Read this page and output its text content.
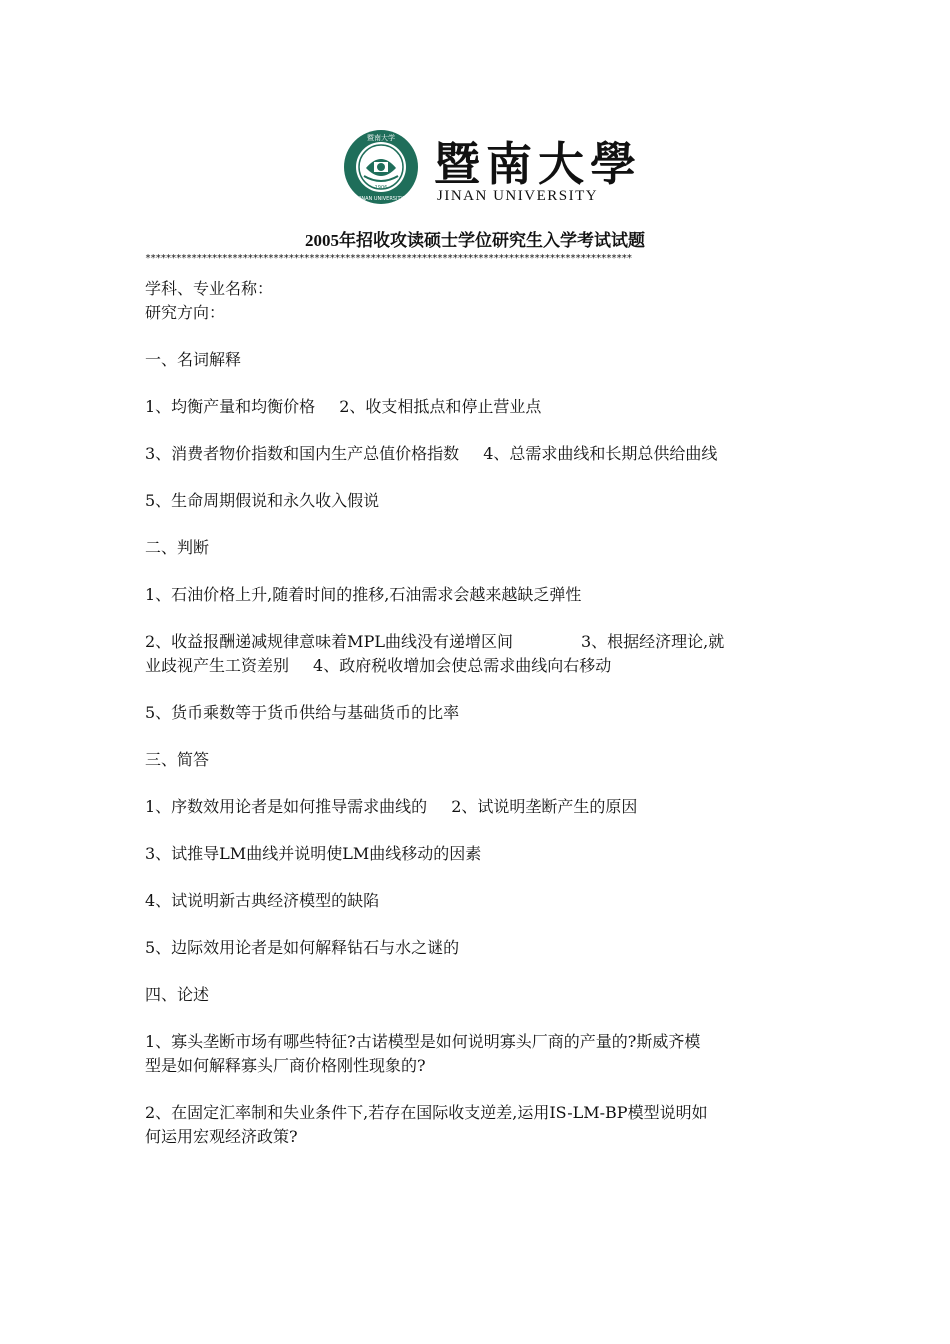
暨南大学
1906
JINAN UNIVERSITY
暨南大學
JINAN UNIVERSITY
2005年招收攻读硕士学位研究生入学考试试题
***********************************************************************************************

学科、专业名称：

研究方向：

一、名词解释

1、均衡产量和均衡价格 2、收支相抵点和停止营业点

3、消费者物价指数和国内生产总值价格指数 4、总需求曲线和长期总供给曲线

5、生命周期假说和永久收入假说

二、判断

1、石油价格上升,随着时间的推移,石油需求会越来越缺乏弹性

2、收益报酬递减规律意味着MPL曲线没有递增区间	3、根据经济理论,就

业歧视产生工资差别 4、政府税收增加会使总需求曲线向右移动

5、货币乘数等于货币供给与基础货币的比率

三、简答

1、序数效用论者是如何推导需求曲线的 2、试说明垄断产生的原因

3、试推导LM曲线并说明使LM曲线移动的因素

4、试说明新古典经济模型的缺陷

5、边际效用论者是如何解释钻石与水之谜的

四、论述

1、寡头垄断市场有哪些特征?古诺模型是如何说明寡头厂商的产量的?斯威齐模

型是如何解释寡头厂商价格刚性现象的?

2、在固定汇率制和失业条件下,若存在国际收支逆差,运用IS-LM-BP模型说明如

何运用宏观经济政策?
